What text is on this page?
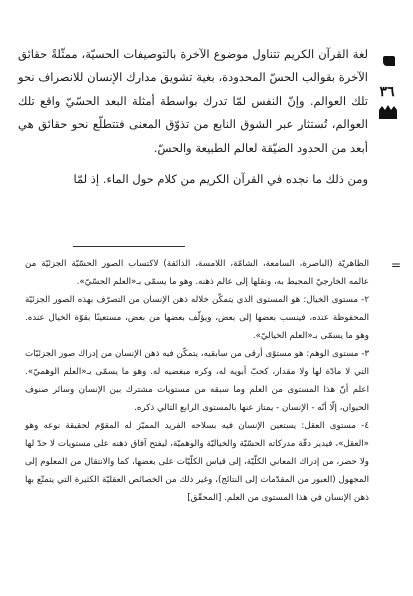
٣٦

لغة القرآن الكريم تتناول موضوع الآخرة بالتوصيفات الحسيّة، ممثّلةً حقائق الآخرة بقوالب الحسّ المحدودة، بغية تشويق مدارك الإنسان للانصراف نحو تلك العوالم. وإنّ النفس لمّا تدرك بواسطة أمثلة البعد الحسّيّ واقع تلك العوالم، تُستثار عبر الشوق النابع من تذوّق المعنى فتتطلّع نحو حقائق هي أبعد من الحدود الضيّقة لعالم الطبيعة والحسّ.

ومن ذلك ما نجده في القرآن الكريم من كلام حول الماء. إذ لمّا

=
الظاهريّة (الباصرة، السامعة، الشامّة، اللامسة، الذائقة) لاكتساب الصور الحسّيّة الجزئيّة من عالمه الخارجيّ المحيط به، ونقلها إلى عالم ذهنه. وهو ما يسمّى بـ«العلم الحسّيّ».
٢- مستوى الخيال: هو المستوى الذي يتمكّن خلاله ذهن الإنسان من التصرّف بهذه الصور الجزئيّة المحفوظة عنده، فينسب بعضها إلى بعض، ويؤلّف بعضها من بعض، مستعينًا بقوّة الخيال عنده. وهو ما يسمّى بـ«العلم الخياليّ».
٣- مستوى الوهم: هو مستوًى أرقى من سابقيه، يتمكّن فيه ذهن الإنسان من إدراك صور الجزئيّات التي لا مادّة لها ولا مقدار، كحبّ أبويه له، وكره مبغضيه له. وهو ما يسمّى بـ«العلم الوهميّ». اعلم أنّ هذا المستوى من العلم وما سبقه من مستويات مشترك بين الإنسان وسائر صنوف الحيوان، إلّا أنّه - الإنسان - يمتاز عنها بالمستوى الرابع التالي ذكره.
٤- مستوى العقل: يستعين الإنسان فيه بسلاحه الفريد المميّز له المقوّم لحقيقة نوعه وهو «العقل»، فيدير دفّة مدركاته الحسّيّة والخياليّة والوهميّة، ليفتح آفاق ذهنه على مستويات لا حدّ لها ولا حصر، من إدراك المعاني الكلّيّة، إلى قياس الكلّيّات على بعضها، كما والانتقال من المعلوم إلى المجهول (العبور من المقدّمات إلى النتائج)، وغير ذلك من الخصائص العقليّة الكثيرة التي يتمتّع بها ذهن الإنسان في هذا المستوى من العلم. [المحقّق]
